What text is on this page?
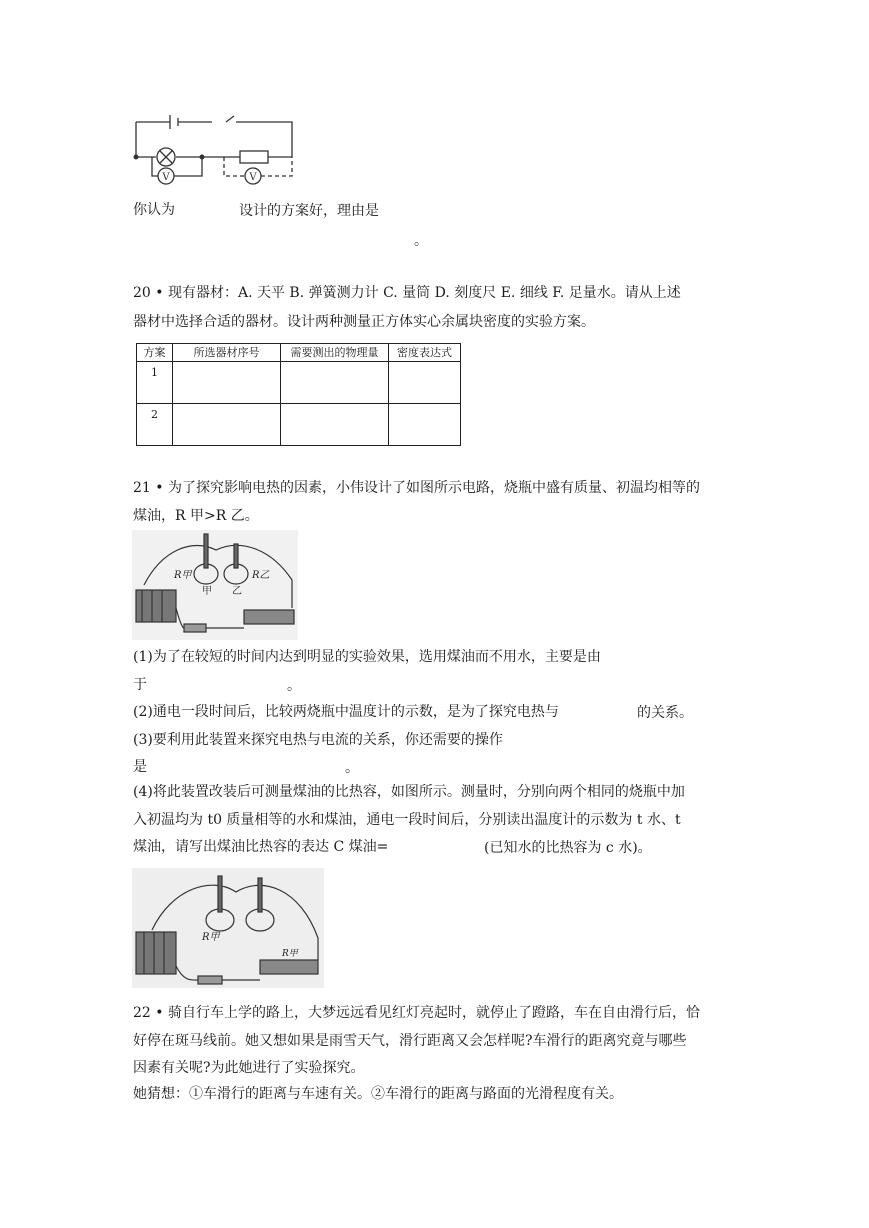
V	V
你认为	设计的方案好，理由是
。
20 • 现有器材：A. 天平 B. 弹簧测力计 C. 量筒 D. 刻度尺 E. 细线 F. 足量水。请从上述
器材中选择合适的器材。设计两种测量正方体实心余属块密度的实验方案。
方案	所选器材序号	需要测出的物理量	密度表达式
1			
2			
21 • 为了探究影响电热的因素，小伟设计了如图所示电路，烧瓶中盛有质量、初温均相等的
煤油，R 甲>R 乙。
R甲	R乙
甲 乙
(1)为了在较短的时间内达到明显的实验效果，选用煤油而不用水，主要是由
于	。
(2)通电一段时间后，比较两烧瓶中温度计的示数，是为了探究电热与	的关系。
(3)要利用此装置来探究电热与电流的关系，你还需要的操作
是	。
(4)将此装置改装后可测量煤油的比热容，如图所示。测量时，分别向两个相同的烧瓶中加
入初温均为 t0 质量相等的水和煤油，通电一段时间后，分别读出温度计的示数为 t 水、t
煤油，请写出煤油比热容的表达 C 煤油=	(已知水的比热容为 c 水)。
R甲
R甲
22 • 骑自行车上学的路上，大梦远远看见红灯亮起时，就停止了蹬路，车在自由滑行后，恰
好停在斑马线前。她又想如果是雨雪天气，滑行距离又会怎样呢?车滑行的距离究竟与哪些
因素有关呢?为此她进行了实验探究。
她猜想：①车滑行的距离与车速有关。②车滑行的距离与路面的光滑程度有关。
